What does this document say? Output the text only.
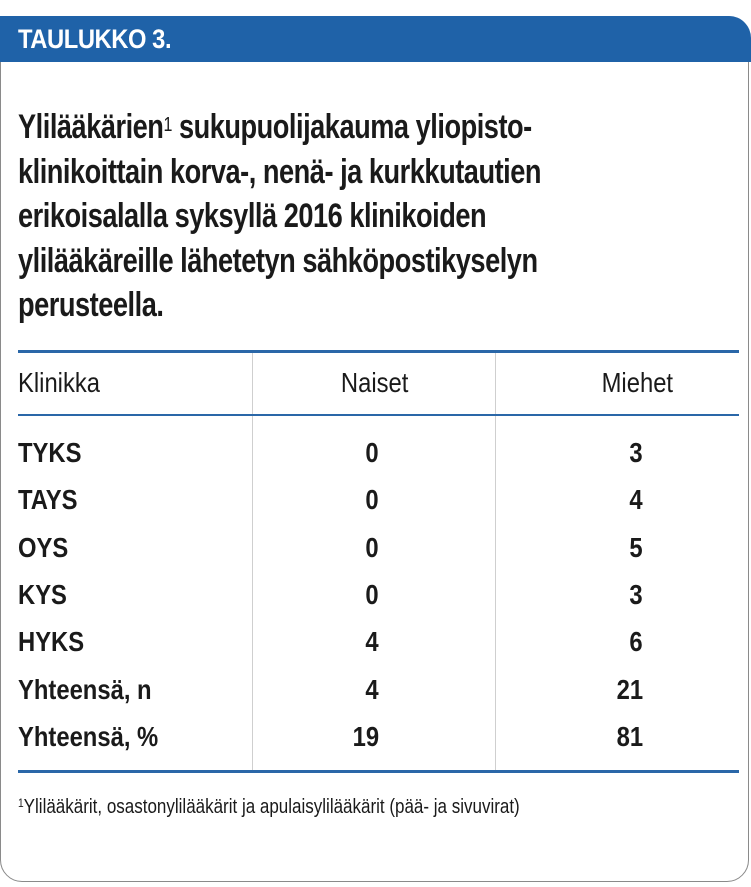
TAULUKKO 3.

Ylilääkärien$^1$ sukupuolijakauma yliopisto-klinikoittain korva-, nenä- ja kurkkutautien erikoisalalla syksyllä 2016 klinikoiden ylilääkäreille lähetetyn sähköpostikyselyn perusteella.

Klinikka	Naiset	Miehet
TYKS	0	3
TAYS	0	4
OYS	0	5
KYS	0	3
HYKS	4	6
Yhteensä, n	4	21
Yhteensä, %	19	81
$^1$Ylilääkärit, osastonylilääkärit ja apulaisylilääkärit (pää- ja sivuvirat)
